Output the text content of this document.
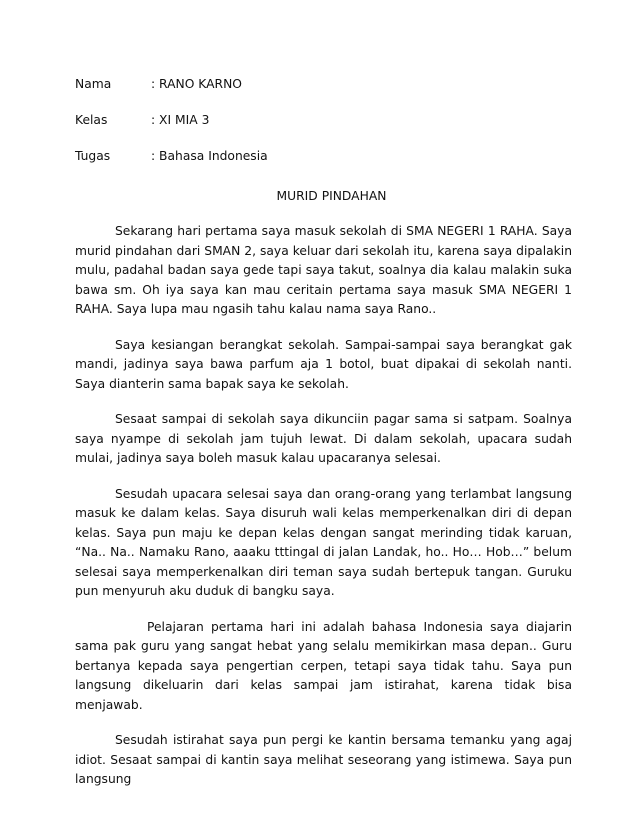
Nama	: RANO KARNO
Kelas	: XI MIA 3
Tugas	: Bahasa Indonesia
MURID PINDAHAN

Sekarang hari pertama saya masuk sekolah di SMA NEGERI 1 RAHA. Saya murid pindahan dari SMAN 2, saya keluar dari sekolah itu, karena saya dipalakin mulu, padahal badan saya gede tapi saya takut, soalnya dia kalau malakin suka bawa sm. Oh iya saya kan mau ceritain pertama saya masuk SMA NEGERI 1 RAHA. Saya lupa mau ngasih tahu kalau nama saya Rano..

Saya kesiangan berangkat sekolah. Sampai-sampai saya berangkat gak mandi, jadinya saya bawa parfum aja 1 botol, buat dipakai di sekolah nanti. Saya dianterin sama bapak saya ke sekolah.

Sesaat sampai di sekolah saya dikunciin pagar sama si satpam. Soalnya saya nyampe di sekolah jam tujuh lewat. Di dalam sekolah, upacara sudah mulai, jadinya saya boleh masuk kalau upacaranya selesai.

Sesudah upacara selesai saya dan orang-orang yang terlambat langsung masuk ke dalam kelas. Saya disuruh wali kelas memperkenalkan diri di depan kelas. Saya pun maju ke depan kelas dengan sangat merinding tidak karuan, “Na.. Na.. Namaku Rano, aaaku tttingal di jalan Landak, ho.. Ho… Hob…” belum selesai saya memperkenalkan diri teman saya sudah bertepuk tangan. Guruku pun menyuruh aku duduk di bangku saya.

Pelajaran pertama hari ini adalah bahasa Indonesia saya diajarin sama pak guru yang sangat hebat yang selalu memikirkan masa depan.. Guru bertanya kepada saya pengertian cerpen, tetapi saya tidak tahu. Saya pun langsung dikeluarin dari kelas sampai jam istirahat, karena tidak bisa menjawab.

Sesudah istirahat saya pun pergi ke kantin bersama temanku yang agaj idiot. Sesaat sampai di kantin saya melihat seseorang yang istimewa. Saya pun langsung
